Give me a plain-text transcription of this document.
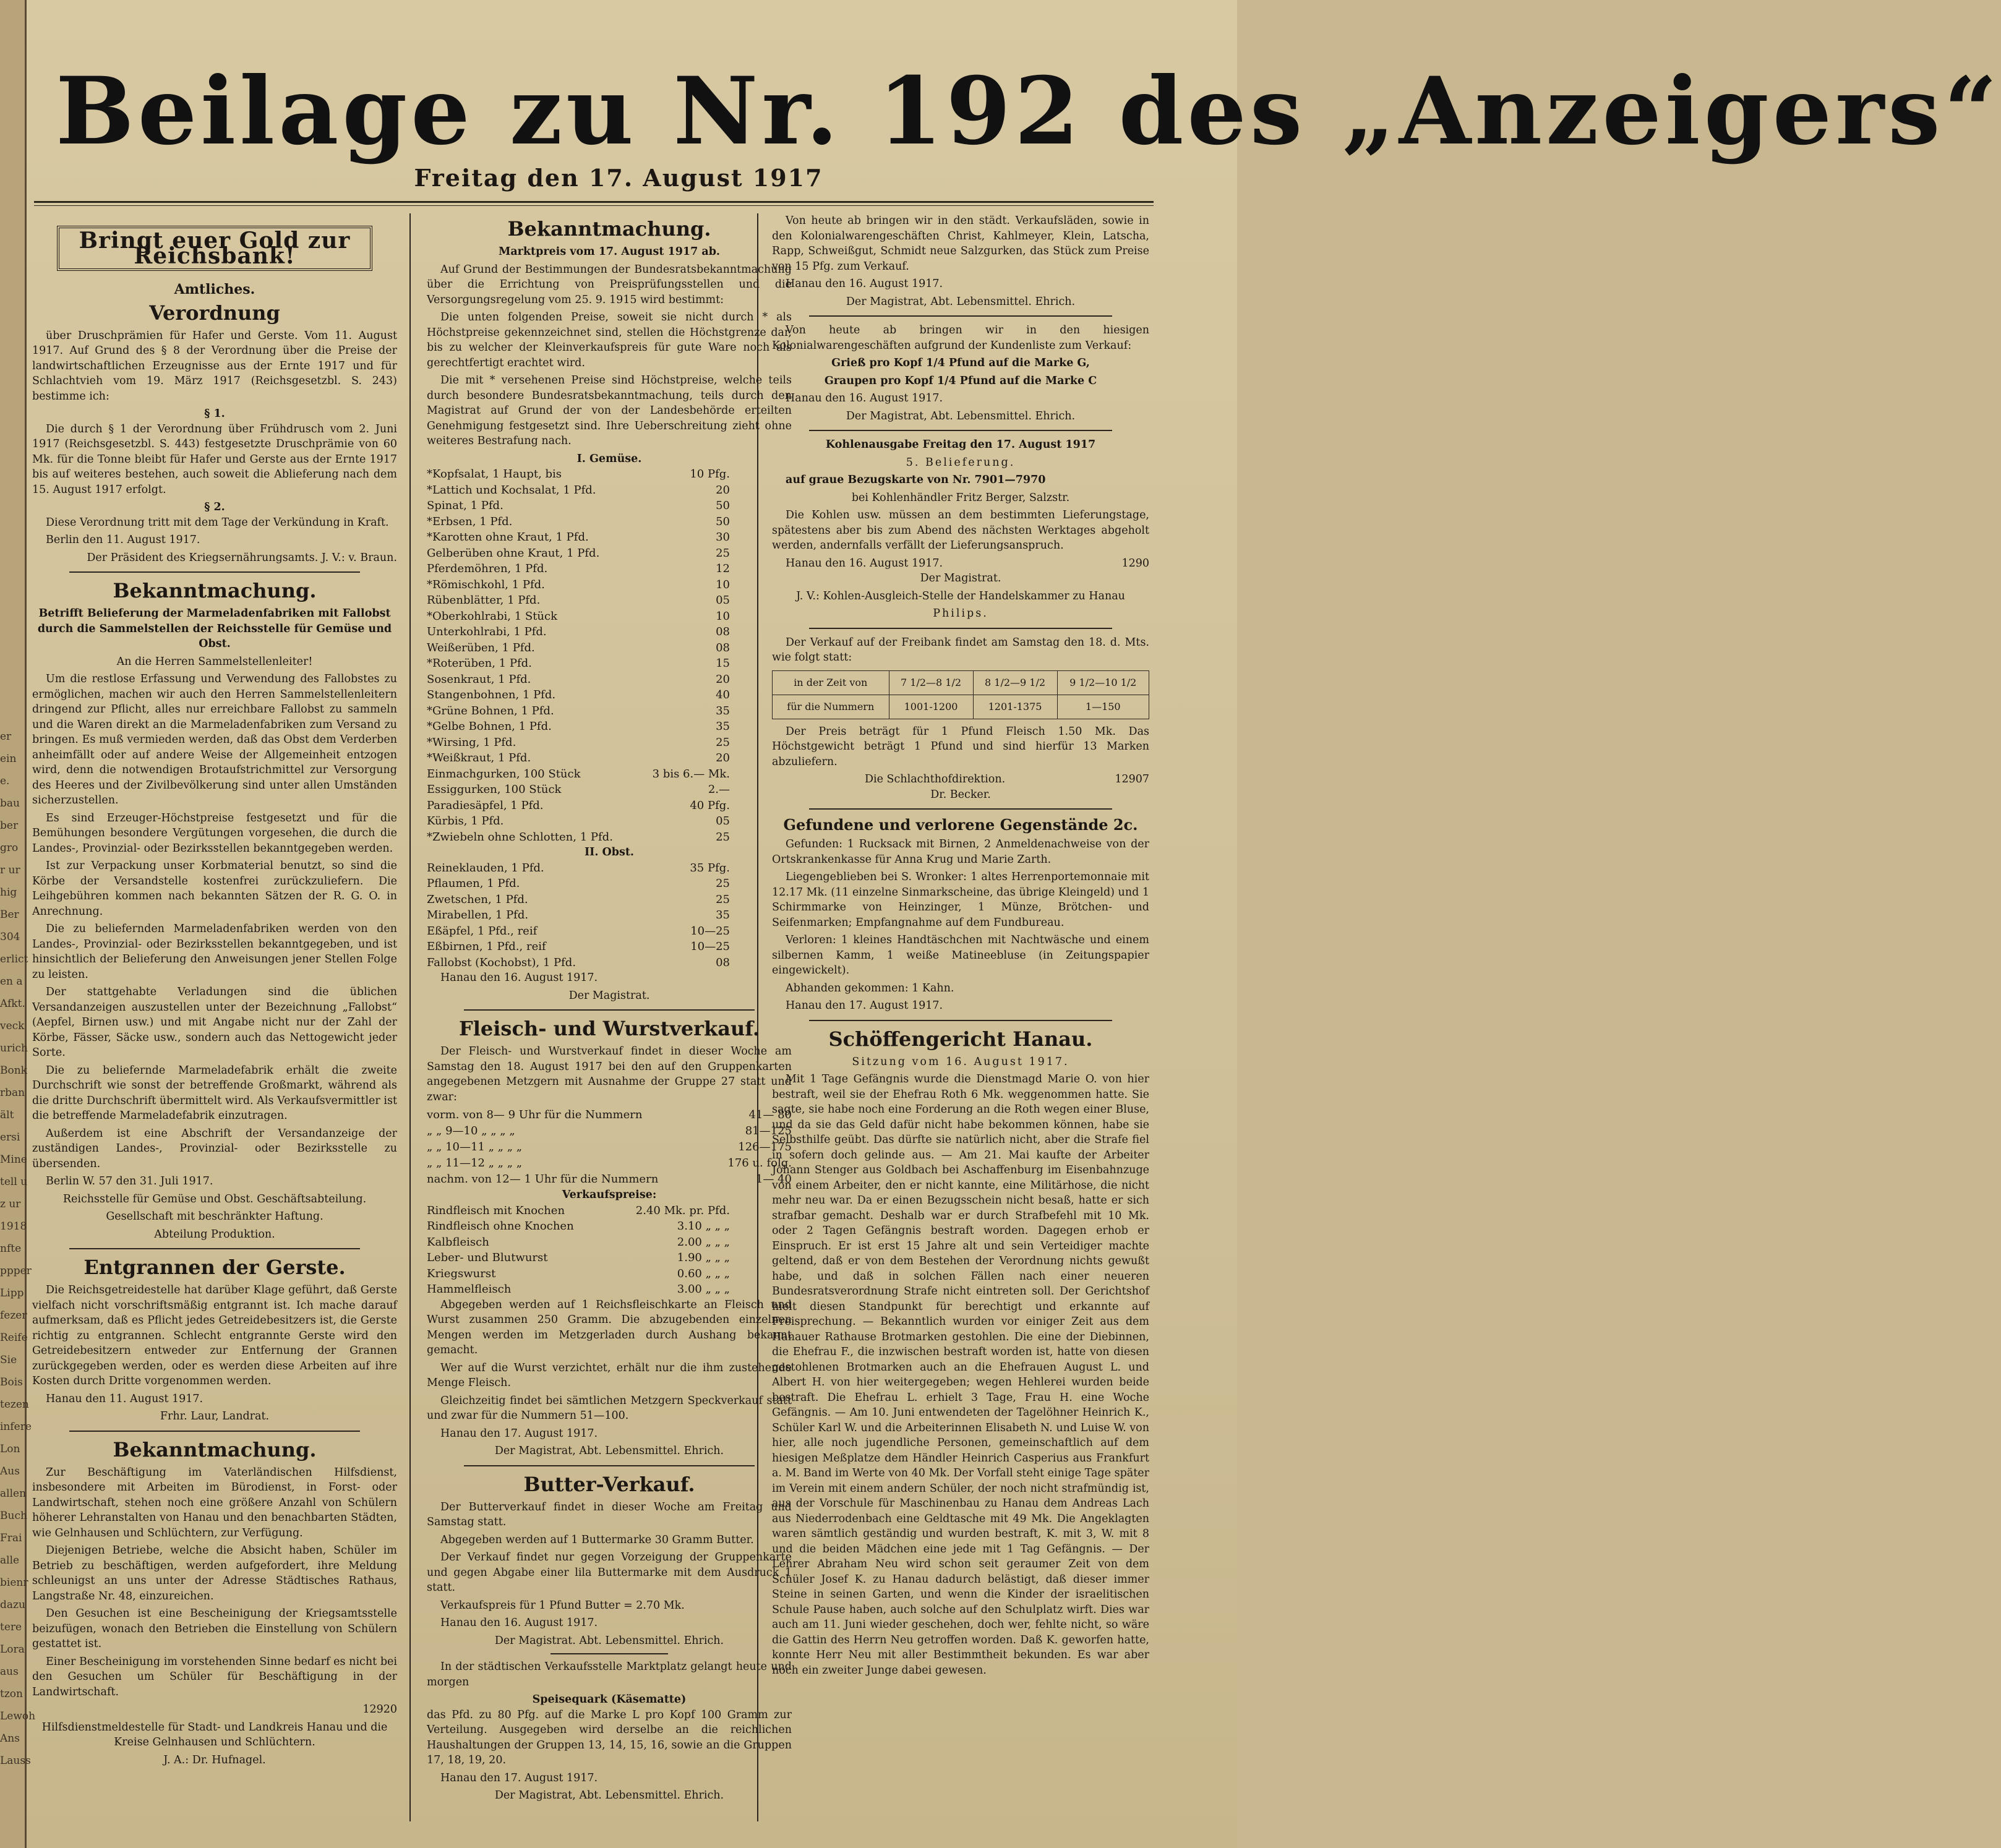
er
ein
e.
bau
ber
gro
r ur
hig
Ber
304
erlict
en a
Afkt.
veck
urich
Bonk
rban
ält
ersi
Mine
tell u
z ur
1918
nfte
ppper
Lipp
fezer
Reife
Sie
Bois
tezen
infere
Lon
Aus
allen
Buch
Frai
alle
bienr
dazu
tere
Lora
aus
tzon
Lewoh
Ans
Lauss
Beilage zu Nr. 192 des „Anzeigers“
Freitag den 17. August 1917
Bringt euer Gold zur Reichsbank!
Amtliches.
Verordnung

über Druschprämien für Hafer und Gerste. Vom 11. August 1917. Auf Grund des § 8 der Verordnung über die Preise der landwirtschaftlichen Erzeugnisse aus der Ernte 1917 und für Schlachtvieh vom 19. März 1917 (Reichsgesetzbl. S. 243) bestimme ich:

§ 1.

Die durch § 1 der Verordnung über Frühdrusch vom 2. Juni 1917 (Reichsgesetzbl. S. 443) festgesetzte Druschprämie von 60 Mk. für die Tonne bleibt für Hafer und Gerste aus der Ernte 1917 bis auf weiteres bestehen, auch soweit die Ablieferung nach dem 15. August 1917 erfolgt.

§ 2.

Diese Verordnung tritt mit dem Tage der Verkündung in Kraft.

Berlin den 11. August 1917.

Der Präsident des Kriegsernährungsamts. J. V.: v. Braun.

Bekanntmachung.

Betrifft Belieferung der Marmeladenfabriken mit Fallobst durch die Sammelstellen der Reichsstelle für Gemüse und Obst.

An die Herren Sammelstellenleiter!

Um die restlose Erfassung und Verwendung des Fallobstes zu ermöglichen, machen wir auch den Herren Sammelstellenleitern dringend zur Pflicht, alles nur erreichbare Fallobst zu sammeln und die Waren direkt an die Marmeladenfabriken zum Versand zu bringen. Es muß vermieden werden, daß das Obst dem Verderben anheimfällt oder auf andere Weise der Allgemeinheit entzogen wird, denn die notwendigen Brotaufstrichmittel zur Versorgung des Heeres und der Zivilbevölkerung sind unter allen Umständen sicherzustellen.

Es sind Erzeuger-Höchstpreise festgesetzt und für die Bemühungen besondere Vergütungen vorgesehen, die durch die Landes-, Provinzial- oder Bezirksstellen bekanntgegeben werden.

Ist zur Verpackung unser Korbmaterial benutzt, so sind die Körbe der Versandstelle kostenfrei zurückzuliefern. Die Leihgebühren kommen nach bekannten Sätzen der R. G. O. in Anrechnung.

Die zu beliefernden Marmeladenfabriken werden von den Landes-, Provinzial- oder Bezirksstellen bekanntgegeben, und ist hinsichtlich der Belieferung den Anweisungen jener Stellen Folge zu leisten.

Der stattgehabte Verladungen sind die üblichen Versandanzeigen auszustellen unter der Bezeichnung „Fallobst“ (Aepfel, Birnen usw.) und mit Angabe nicht nur der Zahl der Körbe, Fässer, Säcke usw., sondern auch das Nettogewicht jeder Sorte.

Die zu beliefernde Marmeladefabrik erhält die zweite Durchschrift wie sonst der betreffende Großmarkt, während als die dritte Durchschrift übermittelt wird. Als Verkaufsvermittler ist die betreffende Marmeladefabrik einzutragen.

Außerdem ist eine Abschrift der Versandanzeige der zuständigen Landes-, Provinzial- oder Bezirksstelle zu übersenden.

Berlin W. 57 den 31. Juli 1917.

Reichsstelle für Gemüse und Obst. Geschäftsabteilung.

Gesellschaft mit beschränkter Haftung.

Abteilung Produktion.

Entgrannen der Gerste.

Die Reichsgetreidestelle hat darüber Klage geführt, daß Gerste vielfach nicht vorschriftsmäßig entgrannt ist. Ich mache darauf aufmerksam, daß es Pflicht jedes Getreidebesitzers ist, die Gerste richtig zu entgrannen. Schlecht entgrannte Gerste wird den Getreidebesitzern entweder zur Entfernung der Grannen zurückgegeben werden, oder es werden diese Arbeiten auf ihre Kosten durch Dritte vorgenommen werden.

Hanau den 11. August 1917.

Frhr. Laur, Landrat.

Bekanntmachung.

Zur Beschäftigung im Vaterländischen Hilfsdienst, insbesondere mit Arbeiten im Bürodienst, in Forst- oder Landwirtschaft, stehen noch eine größere Anzahl von Schülern höherer Lehranstalten von Hanau und den benachbarten Städten, wie Gelnhausen und Schlüchtern, zur Verfügung.

Diejenigen Betriebe, welche die Absicht haben, Schüler im Betrieb zu beschäftigen, werden aufgefordert, ihre Meldung schleunigst an uns unter der Adresse Städtisches Rathaus, Langstraße Nr. 48, einzureichen.

Den Gesuchen ist eine Bescheinigung der Kriegsamtsstelle beizufügen, wonach den Betrieben die Einstellung von Schülern gestattet ist.

Einer Bescheinigung im vorstehenden Sinne bedarf es nicht bei den Gesuchen um Schüler für Beschäftigung in der Landwirtschaft.

12920

Hilfsdienstmeldestelle für Stadt- und Landkreis Hanau und die Kreise Gelnhausen und Schlüchtern.

J. A.: Dr. Hufnagel.

Bekanntmachung.

Marktpreis vom 17. August 1917 ab.

Auf Grund der Bestimmungen der Bundesratsbekanntmachung über die Errichtung von Preisprüfungsstellen und die Versorgungsregelung vom 25. 9. 1915 wird bestimmt:

Die unten folgenden Preise, soweit sie nicht durch * als Höchstpreise gekennzeichnet sind, stellen die Höchstgrenze dar, bis zu welcher der Kleinverkaufspreis für gute Ware noch als gerechtfertigt erachtet wird.

Die mit * versehenen Preise sind Höchstpreise, welche teils durch besondere Bundesratsbekanntmachung, teils durch den Magistrat auf Grund der von der Landesbehörde erteilten Genehmigung festgesetzt sind. Ihre Ueberschreitung zieht ohne weiteres Bestrafung nach.

I. Gemüse.
*Kopfsalat, 1 Haupt, bis	10 Pfg.
*Lattich und Kochsalat, 1 Pfd.	20
Spinat, 1 Pfd.	50
*Erbsen, 1 Pfd.	50
*Karotten ohne Kraut, 1 Pfd.	30
Gelberüben ohne Kraut, 1 Pfd.	25
Pferdemöhren, 1 Pfd.	12
*Römischkohl, 1 Pfd.	10
Rübenblätter, 1 Pfd.	05
*Oberkohlrabi, 1 Stück	10
Unterkohlrabi, 1 Pfd.	08
Weißerüben, 1 Pfd.	08
*Roterüben, 1 Pfd.	15
Sosenkraut, 1 Pfd.	20
Stangenbohnen, 1 Pfd.	40
*Grüne Bohnen, 1 Pfd.	35
*Gelbe Bohnen, 1 Pfd.	35
*Wirsing, 1 Pfd.	25
*Weißkraut, 1 Pfd.	20
Einmachgurken, 100 Stück	3 bis 6.— Mk.
Essiggurken, 100 Stück	2.—
Paradiesäpfel, 1 Pfd.	40 Pfg.
Kürbis, 1 Pfd.	05
*Zwiebeln ohne Schlotten, 1 Pfd.	25
II. Obst.
Reineklauden, 1 Pfd.	35 Pfg.
Pflaumen, 1 Pfd.	25
Zwetschen, 1 Pfd.	25
Mirabellen, 1 Pfd.	35
Eßäpfel, 1 Pfd., reif	10—25
Eßbirnen, 1 Pfd., reif	10—25
Fallobst (Kochobst), 1 Pfd.	08

Hanau den 16. August 1917.

Der Magistrat.

Fleisch- und Wurstverkauf.

Der Fleisch- und Wurstverkauf findet in dieser Woche am Samstag den 18. August 1917 bei den auf den Gruppenkarten angegebenen Metzgern mit Ausnahme der Gruppe 27 statt und zwar:

vorm. von 8— 9 Uhr für die Nummern	41— 80
„ „ 9—10 „ „ „ „	81—125
„ „ 10—11 „ „ „ „	126—175
„ „ 11—12 „ „ „ „	176 u. folg.
nachm. von 12— 1 Uhr für die Nummern	1— 40
Verkaufspreise:
Rindfleisch mit Knochen	2.40 Mk. pr. Pfd.
Rindfleisch ohne Knochen	3.10 „ „ „
Kalbfleisch	2.00 „ „ „
Leber- und Blutwurst	1.90 „ „ „
Kriegswurst	0.60 „ „ „
Hammelfleisch	3.00 „ „ „

Abgegeben werden auf 1 Reichsfleischkarte an Fleisch und Wurst zusammen 250 Gramm. Die abzugebenden einzelnen Mengen werden im Metzgerladen durch Aushang bekannt gemacht.

Wer auf die Wurst verzichtet, erhält nur die ihm zustehende Menge Fleisch.

Gleichzeitig findet bei sämtlichen Metzgern Speckverkauf statt und zwar für die Nummern 51—100.

Hanau den 17. August 1917.

Der Magistrat, Abt. Lebensmittel. Ehrich.

Butter-Verkauf.

Der Butterverkauf findet in dieser Woche am Freitag und Samstag statt.

Abgegeben werden auf 1 Buttermarke 30 Gramm Butter.

Der Verkauf findet nur gegen Vorzeigung der Gruppenkarte und gegen Abgabe einer lila Buttermarke mit dem Ausdruck 1 statt.

Verkaufspreis für 1 Pfund Butter = 2.70 Mk.

Hanau den 16. August 1917.

Der Magistrat. Abt. Lebensmittel. Ehrich.

In der städtischen Verkaufsstelle Marktplatz gelangt heute und morgen

Speisequark (Käsematte)

das Pfd. zu 80 Pfg. auf die Marke L pro Kopf 100 Gramm zur Verteilung. Ausgegeben wird derselbe an die reichlichen Haushaltungen der Gruppen 13, 14, 15, 16, sowie an die Gruppen 17, 18, 19, 20.

Hanau den 17. August 1917.

Der Magistrat, Abt. Lebensmittel. Ehrich.

Von heute ab bringen wir in den städt. Verkaufsläden, sowie in den Kolonialwarengeschäften Christ, Kahlmeyer, Klein, Latscha, Rapp, Schweißgut, Schmidt neue Salzgurken, das Stück zum Preise von 15 Pfg. zum Verkauf.

Hanau den 16. August 1917.

Der Magistrat, Abt. Lebensmittel. Ehrich.

Von heute ab bringen wir in den hiesigen Kolonialwarengeschäften aufgrund der Kundenliste zum Verkauf:

Grieß pro Kopf 1/4 Pfund auf die Marke G,

Graupen pro Kopf 1/4 Pfund auf die Marke C

Hanau den 16. August 1917.

Der Magistrat, Abt. Lebensmittel. Ehrich.

Kohlenausgabe Freitag den 17. August 1917

5. Belieferung.

auf graue Bezugskarte von Nr. 7901—7970

bei Kohlenhändler Fritz Berger, Salzstr.

Die Kohlen usw. müssen an dem bestimmten Lieferungstage, spätestens aber bis zum Abend des nächsten Werktages abgeholt werden, andernfalls verfällt der Lieferungsanspruch.

Hanau den 16. August 1917.	1290

Der Magistrat.

J. V.: Kohlen-Ausgleich-Stelle der Handelskammer zu Hanau

Philips.

Der Verkauf auf der Freibank findet am Samstag den 18. d. Mts. wie folgt statt:

in der Zeit von	7 1/2—8 1/2	8 1/2—9 1/2	9 1/2—10 1/2
für die Nummern	1001-1200	1201-1375	1—150

Der Preis beträgt für 1 Pfund Fleisch 1.50 Mk. Das Höchstgewicht beträgt 1 Pfund und sind hierfür 13 Marken abzuliefern.

Die Schlachthofdirektion.	12907

Dr. Becker.

Gefundene und verlorene Gegenstände 2c.

Gefunden: 1 Rucksack mit Birnen, 2 Anmeldenachweise von der Ortskrankenkasse für Anna Krug und Marie Zarth.

Liegengeblieben bei S. Wronker: 1 altes Herrenportemonnaie mit 12.17 Mk. (11 einzelne Sinmarkscheine, das übrige Kleingeld) und 1 Schirmmarke von Heinzinger, 1 Münze, Brötchen- und Seifenmarken; Empfangnahme auf dem Fundbureau.

Verloren: 1 kleines Handtäschchen mit Nachtwäsche und einem silbernen Kamm, 1 weiße Matineebluse (in Zeitungspapier eingewickelt).

Abhanden gekommen: 1 Kahn.

Hanau den 17. August 1917.

Schöffengericht Hanau.

Sitzung vom 16. August 1917.

Mit 1 Tage Gefängnis wurde die Dienstmagd Marie O. von hier bestraft, weil sie der Ehefrau Roth 6 Mk. weggenommen hatte. Sie sagte, sie habe noch eine Forderung an die Roth wegen einer Bluse, und da sie das Geld dafür nicht habe bekommen können, habe sie Selbsthilfe geübt. Das dürfte sie natürlich nicht, aber die Strafe fiel in sofern doch gelinde aus. — Am 21. Mai kaufte der Arbeiter Johann Stenger aus Goldbach bei Aschaffenburg im Eisenbahnzuge von einem Arbeiter, den er nicht kannte, eine Militärhose, die nicht mehr neu war. Da er einen Bezugsschein nicht besaß, hatte er sich strafbar gemacht. Deshalb war er durch Strafbefehl mit 10 Mk. oder 2 Tagen Gefängnis bestraft worden. Dagegen erhob er Einspruch. Er ist erst 15 Jahre alt und sein Verteidiger machte geltend, daß er von dem Bestehen der Verordnung nichts gewußt habe, und daß in solchen Fällen nach einer neueren Bundesratsverordnung Strafe nicht eintreten soll. Der Gerichtshof hielt diesen Standpunkt für berechtigt und erkannte auf Freisprechung. — Bekanntlich wurden vor einiger Zeit aus dem Hanauer Rathause Brotmarken gestohlen. Die eine der Diebinnen, die Ehefrau F., die inzwischen bestraft worden ist, hatte von diesen gestohlenen Brotmarken auch an die Ehefrauen August L. und Albert H. von hier weitergegeben; wegen Hehlerei wurden beide bestraft. Die Ehefrau L. erhielt 3 Tage, Frau H. eine Woche Gefängnis. — Am 10. Juni entwendeten der Tagelöhner Heinrich K., Schüler Karl W. und die Arbeiterinnen Elisabeth N. und Luise W. von hier, alle noch jugendliche Personen, gemeinschaftlich auf dem hiesigen Meßplatze dem Händler Heinrich Casperius aus Frankfurt a. M. Band im Werte von 40 Mk. Der Vorfall steht einige Tage später im Verein mit einem andern Schüler, der noch nicht strafmündig ist, aus der Vorschule für Maschinenbau zu Hanau dem Andreas Lach aus Niederrodenbach eine Geldtasche mit 49 Mk. Die Angeklagten waren sämtlich geständig und wurden bestraft, K. mit 3, W. mit 8 und die beiden Mädchen eine jede mit 1 Tag Gefängnis. — Der Lehrer Abraham Neu wird schon seit geraumer Zeit von dem Schüler Josef K. zu Hanau dadurch belästigt, daß dieser immer Steine in seinen Garten, und wenn die Kinder der israelitischen Schule Pause haben, auch solche auf den Schulplatz wirft. Dies war auch am 11. Juni wieder geschehen, doch wer, fehlte nicht, so wäre die Gattin des Herrn Neu getroffen worden. Daß K. geworfen hatte, konnte Herr Neu mit aller Bestimmtheit bekunden. Es war aber noch ein zweiter Junge dabei gewesen.
